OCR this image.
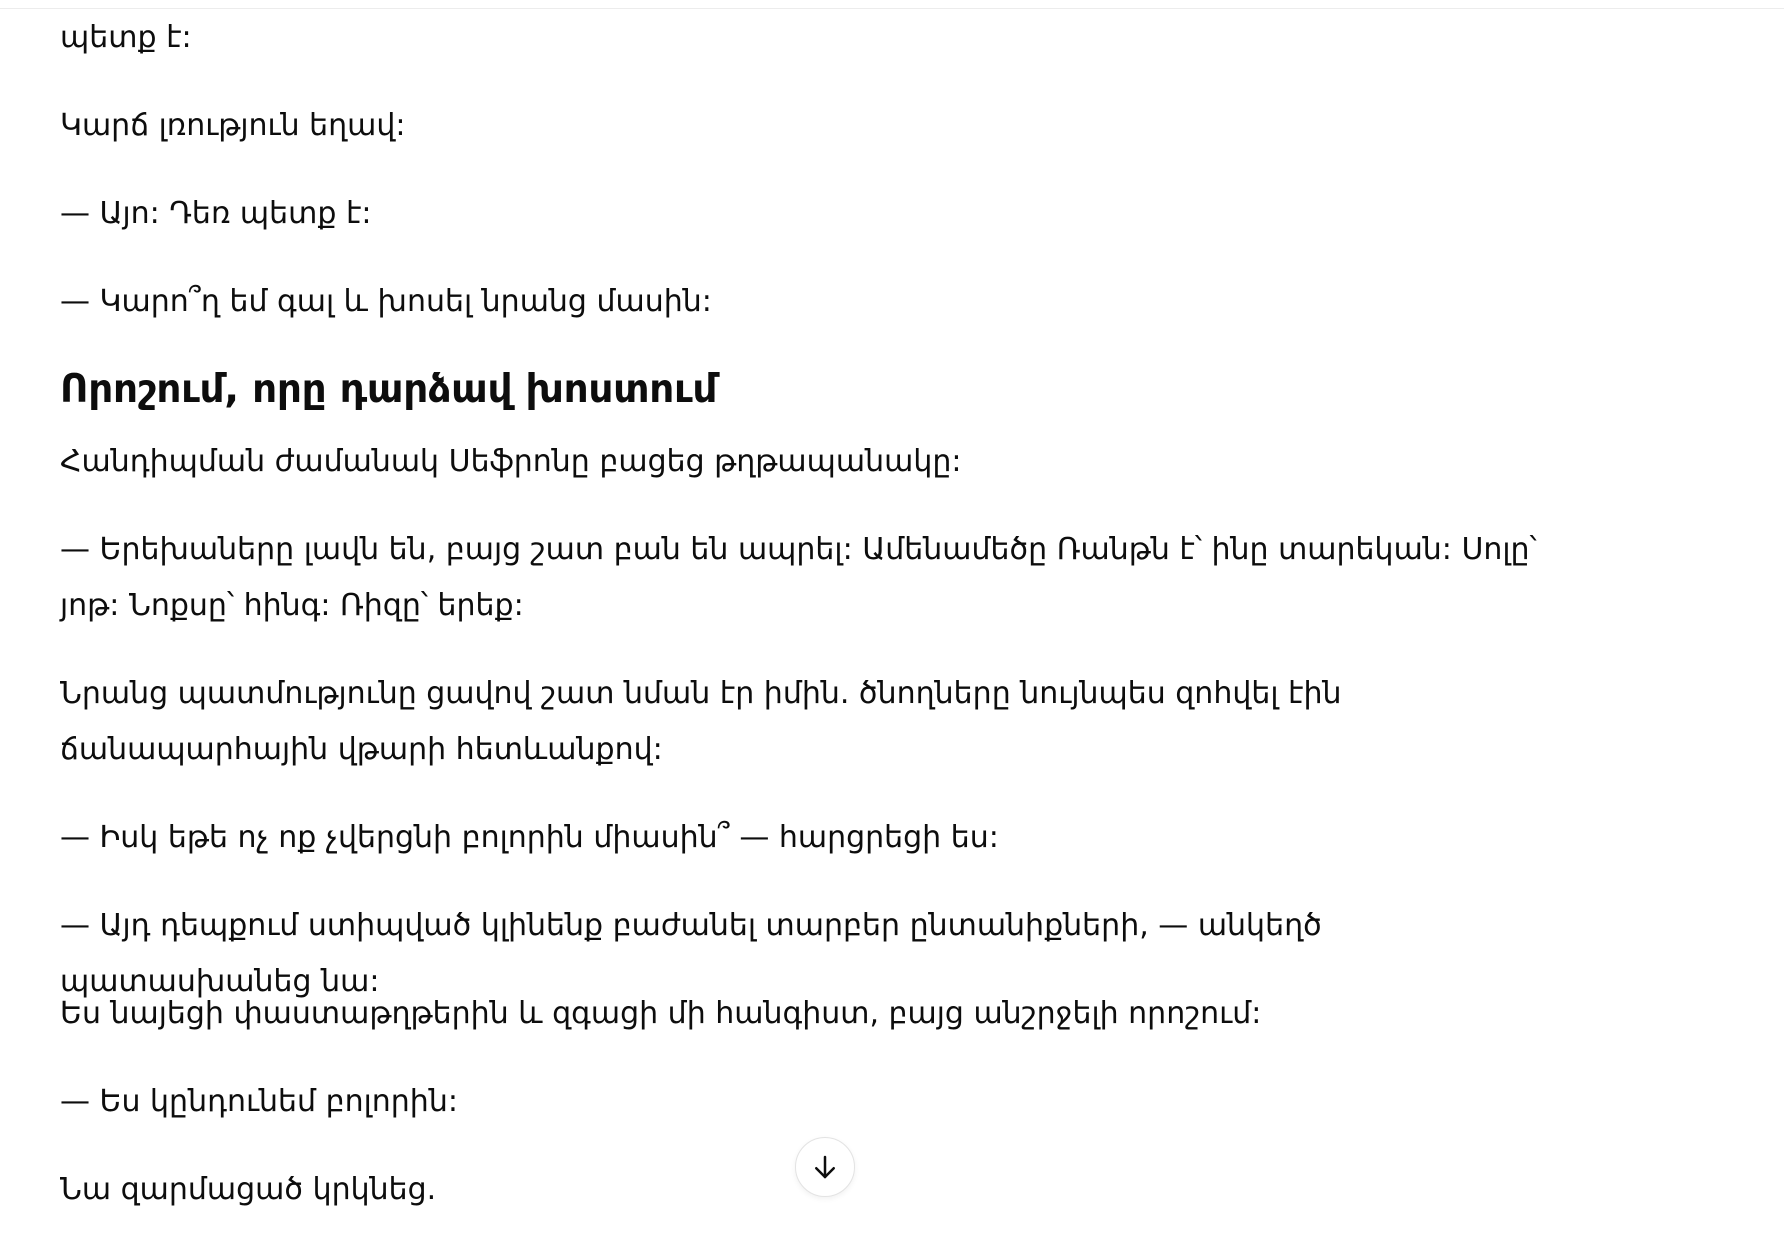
պետք է:

Կարճ լռություն եղավ:

— Այո: Դեռ պետք է:

— Կարո՞ղ եմ գալ և խոսել նրանց մասին:

Որոշում, որը դարձավ խոստում

Հանդիպման ժամանակ Սեֆրոնը բացեց թղթապանակը:

— Երեխաները լավն են, բայց շատ բան են ապրել: Ամենամեծը Ռանթն է՝ ինը տարեկան: Սոլը՝ յոթ: Նոքսը՝ հինգ: Ռիզը՝ երեք:

Նրանց պատմությունը ցավով շատ նման էր իմին. ծնողները նույնպես զոհվել էին ճանապարհային վթարի հետևանքով:

— Իսկ եթե ոչ ոք չվերցնի բոլորին միասին՞ — հարցրեցի ես:

— Այդ դեպքում ստիպված կլինենք բաժանել տարբեր ընտանիքների, — անկեղծ պատասխանեց նա:

Ես նայեցի փաստաթղթերին և զգացի մի հանգիստ, բայց անշրջելի որոշում:

— Ես կընդունեմ բոլորին:

Նա զարմացած կրկնեց.
